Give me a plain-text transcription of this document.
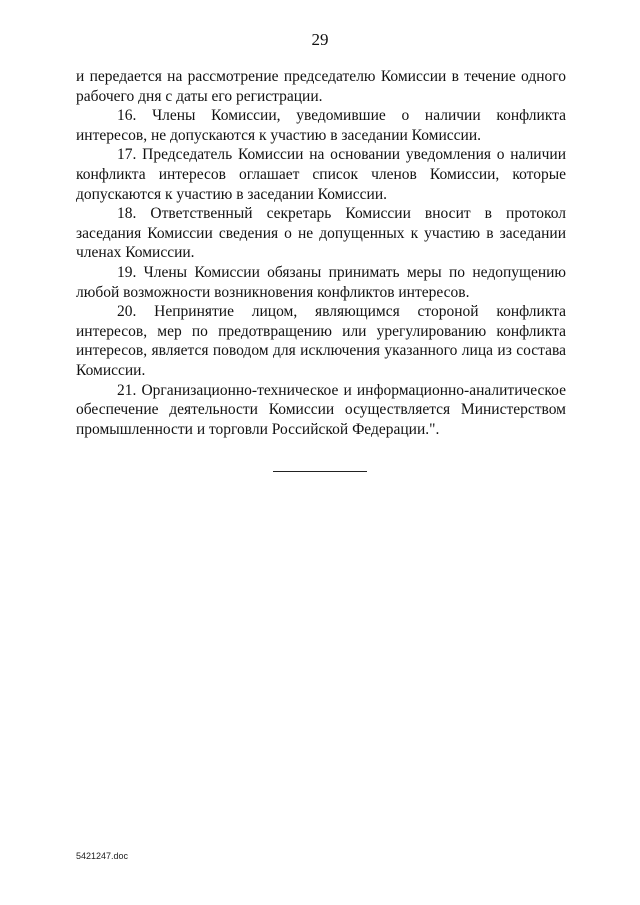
29

и передается на рассмотрение председателю Комиссии в течение одного рабочего дня с даты его регистрации.

16. Члены Комиссии, уведомившие о наличии конфликта интересов, не допускаются к участию в заседании Комиссии.

17. Председатель Комиссии на основании уведомления о наличии конфликта интересов оглашает список членов Комиссии, которые допускаются к участию в заседании Комиссии.

18. Ответственный секретарь Комиссии вносит в протокол заседания Комиссии сведения о не допущенных к участию в заседании членах Комиссии.

19. Члены Комиссии обязаны принимать меры по недопущению любой возможности возникновения конфликтов интересов.

20. Непринятие лицом, являющимся стороной конфликта интересов, мер по предотвращению или урегулированию конфликта интересов, является поводом для исключения указанного лица из состава Комиссии.

21. Организационно-техническое и информационно-аналитическое обеспечение деятельности Комиссии осуществляется Министерством промышленности и торговли Российской Федерации.".

5421247.doc
